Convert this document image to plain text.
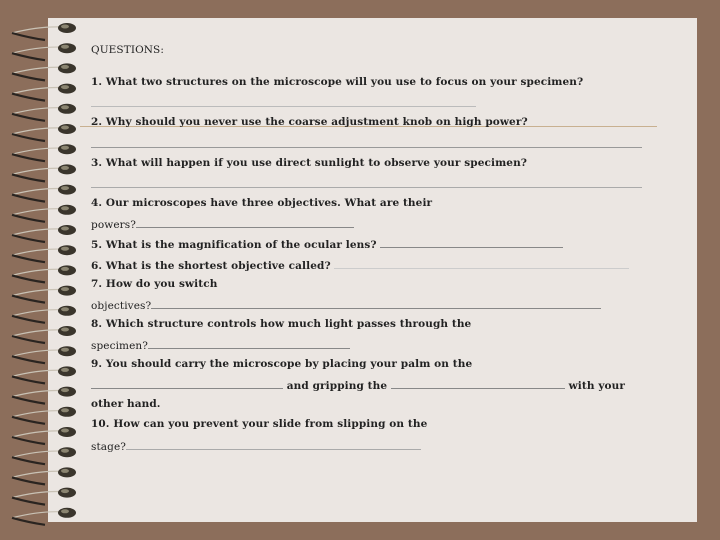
QUESTIONS:
1. What two structures on the microscope will you use to focus on your specimen?
2. Why should you never use the coarse adjustment knob on high power?
3. What will happen if you use direct sunlight to observe your specimen?
4. Our microscopes have three objectives. What are their
powers?
5. What is the magnification of the ocular lens?
6. What is the shortest objective called?
7. How do you switch
objectives?
8. Which structure controls how much light passes through the
specimen?
9. You should carry the microscope by placing your palm on the
and gripping the	with your
other hand.
10. How can you prevent your slide from slipping on the
stage?
